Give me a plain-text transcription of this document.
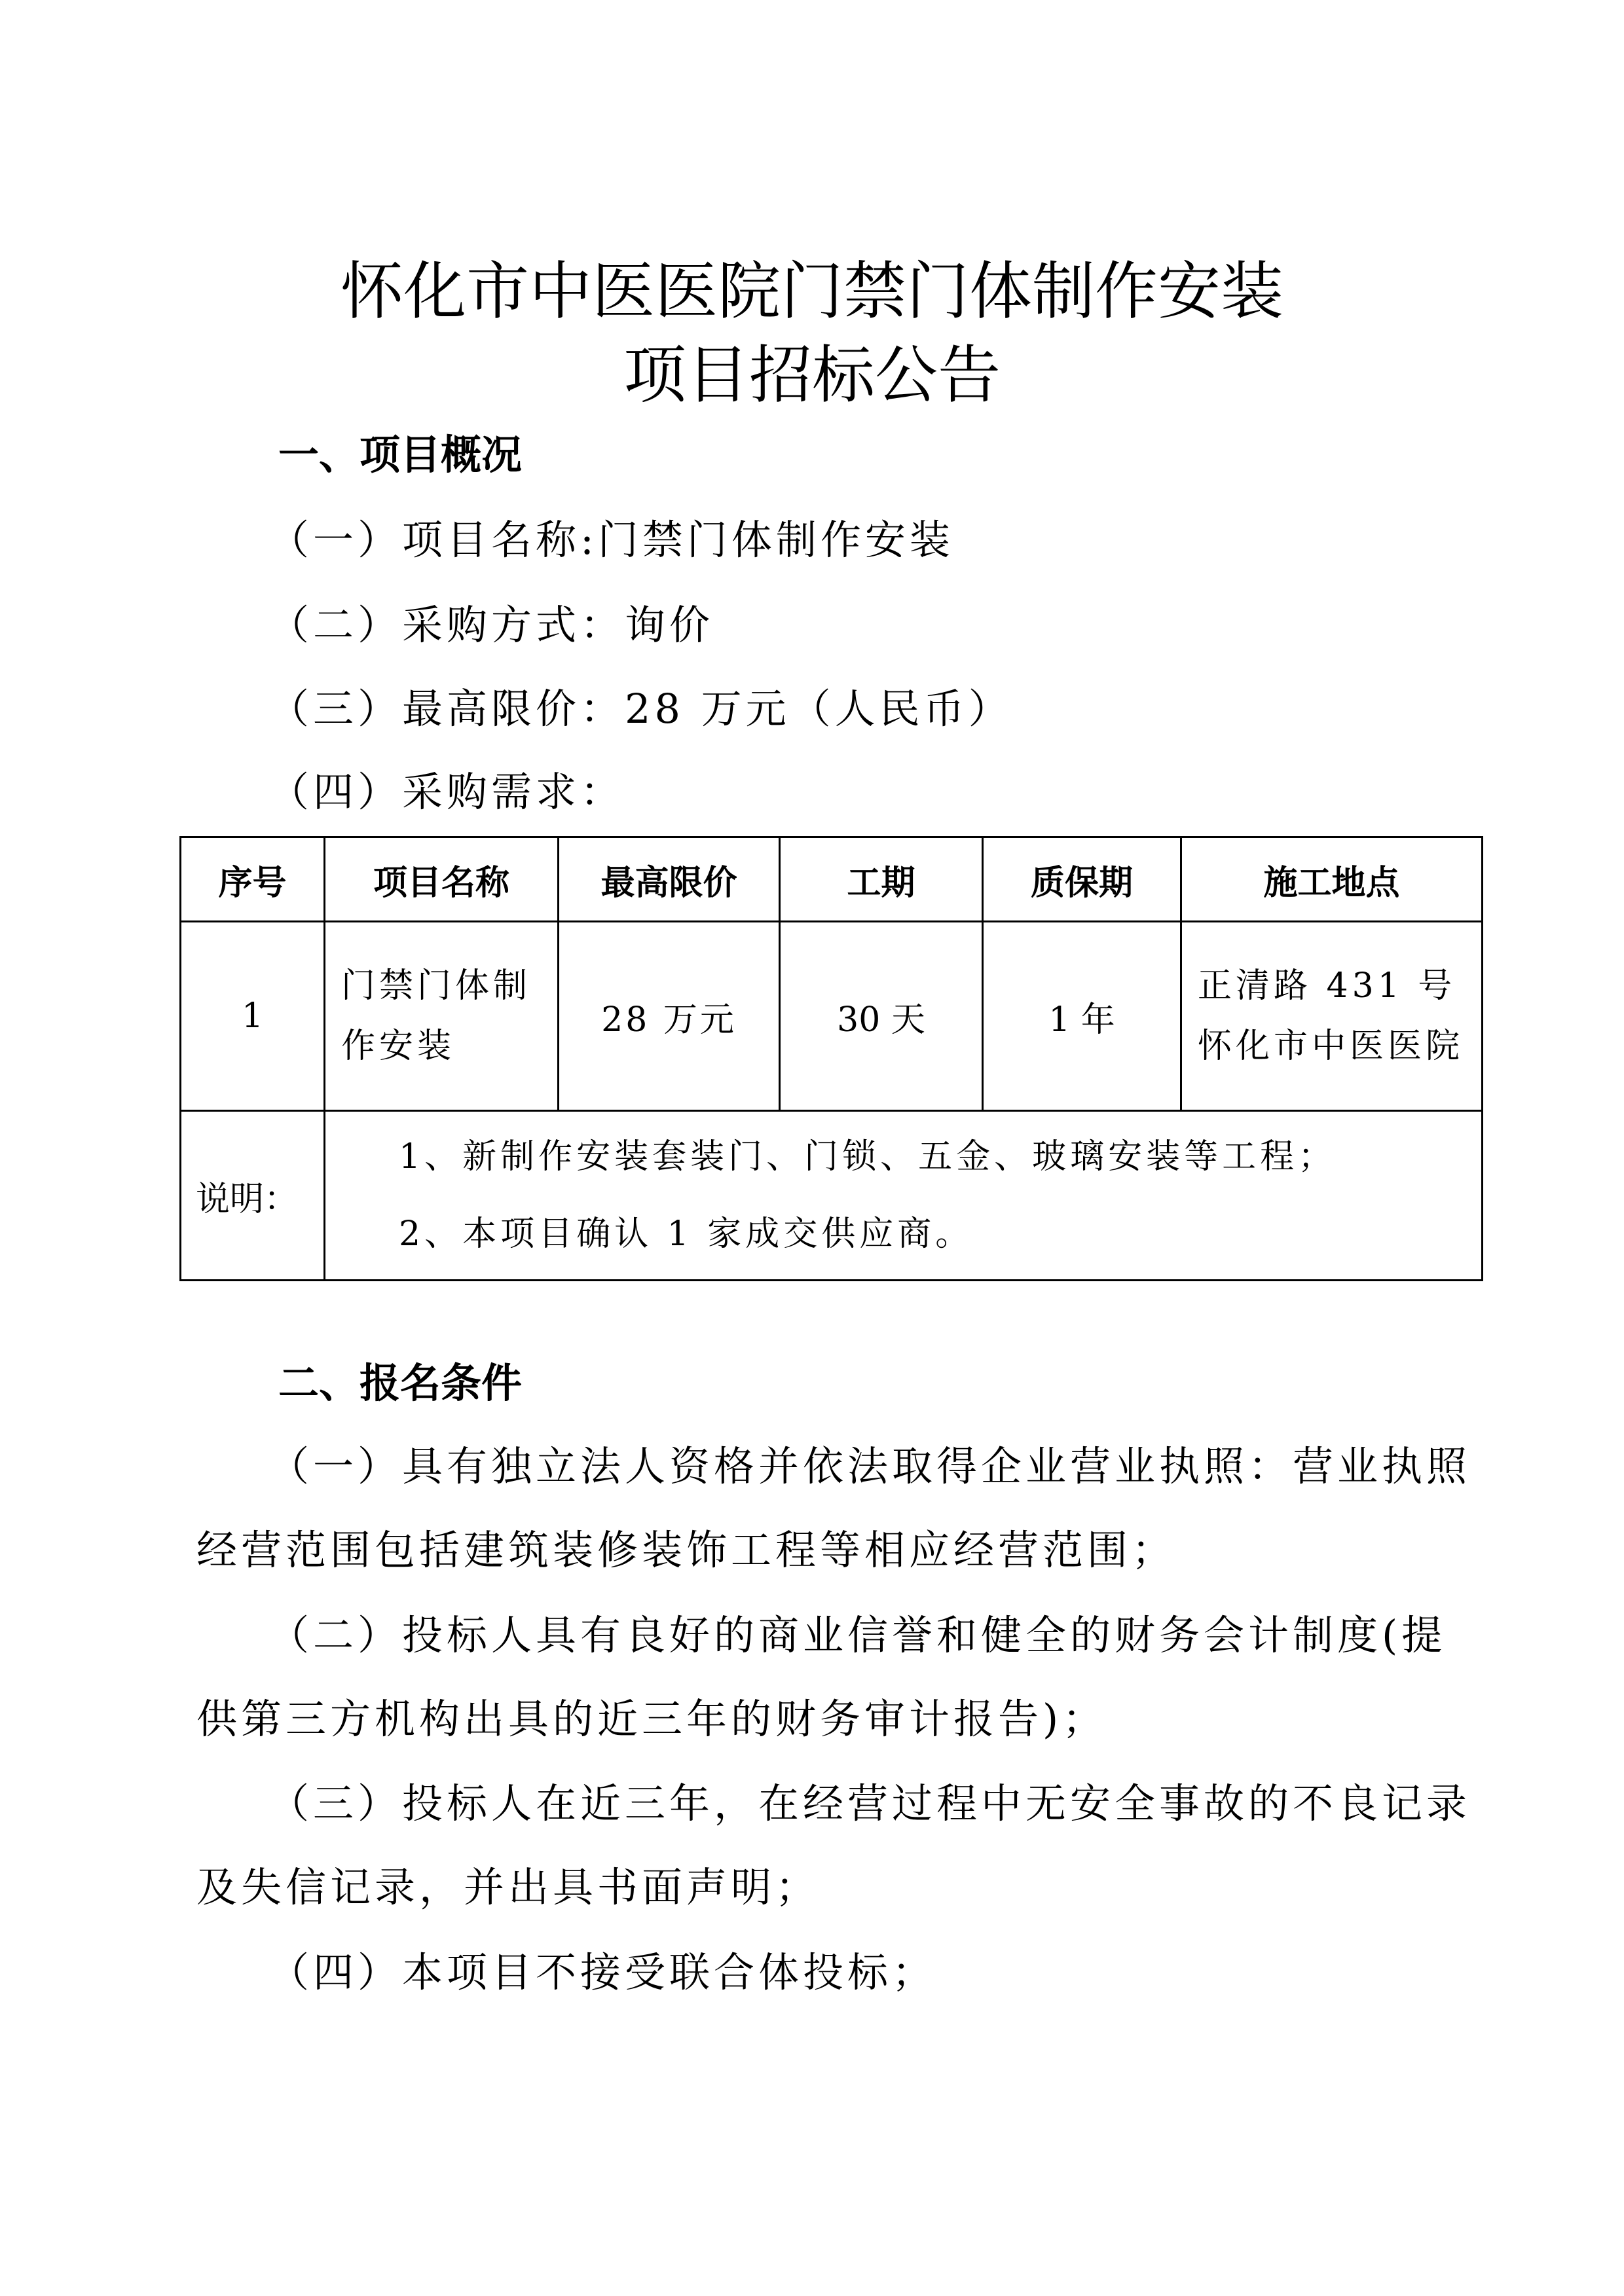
怀化市中医医院门禁门体制作安装
项目招标公告
一、项目概况
（一）项目名称:门禁门体制作安装
（二）采购方式：询价
（三）最高限价：28 万元（人民币）
（四）采购需求：
序号	项目名称	最高限价	工期	质保期	施工地点
1	门禁门体制作安装	28 万元	30 天	1 年	正清路 431 号怀化市中医医院
说明：	1、新制作安装套装门、门锁、五金、玻璃安装等工程；
2、本项目确认 1 家成交供应商。				
二、报名条件
（一）具有独立法人资格并依法取得企业营业执照：营业执照
经营范围包括建筑装修装饰工程等相应经营范围；
（二）投标人具有良好的商业信誉和健全的财务会计制度(提
供第三方机构出具的近三年的财务审计报告)；
（三）投标人在近三年，在经营过程中无安全事故的不良记录
及失信记录，并出具书面声明；
（四）本项目不接受联合体投标；
